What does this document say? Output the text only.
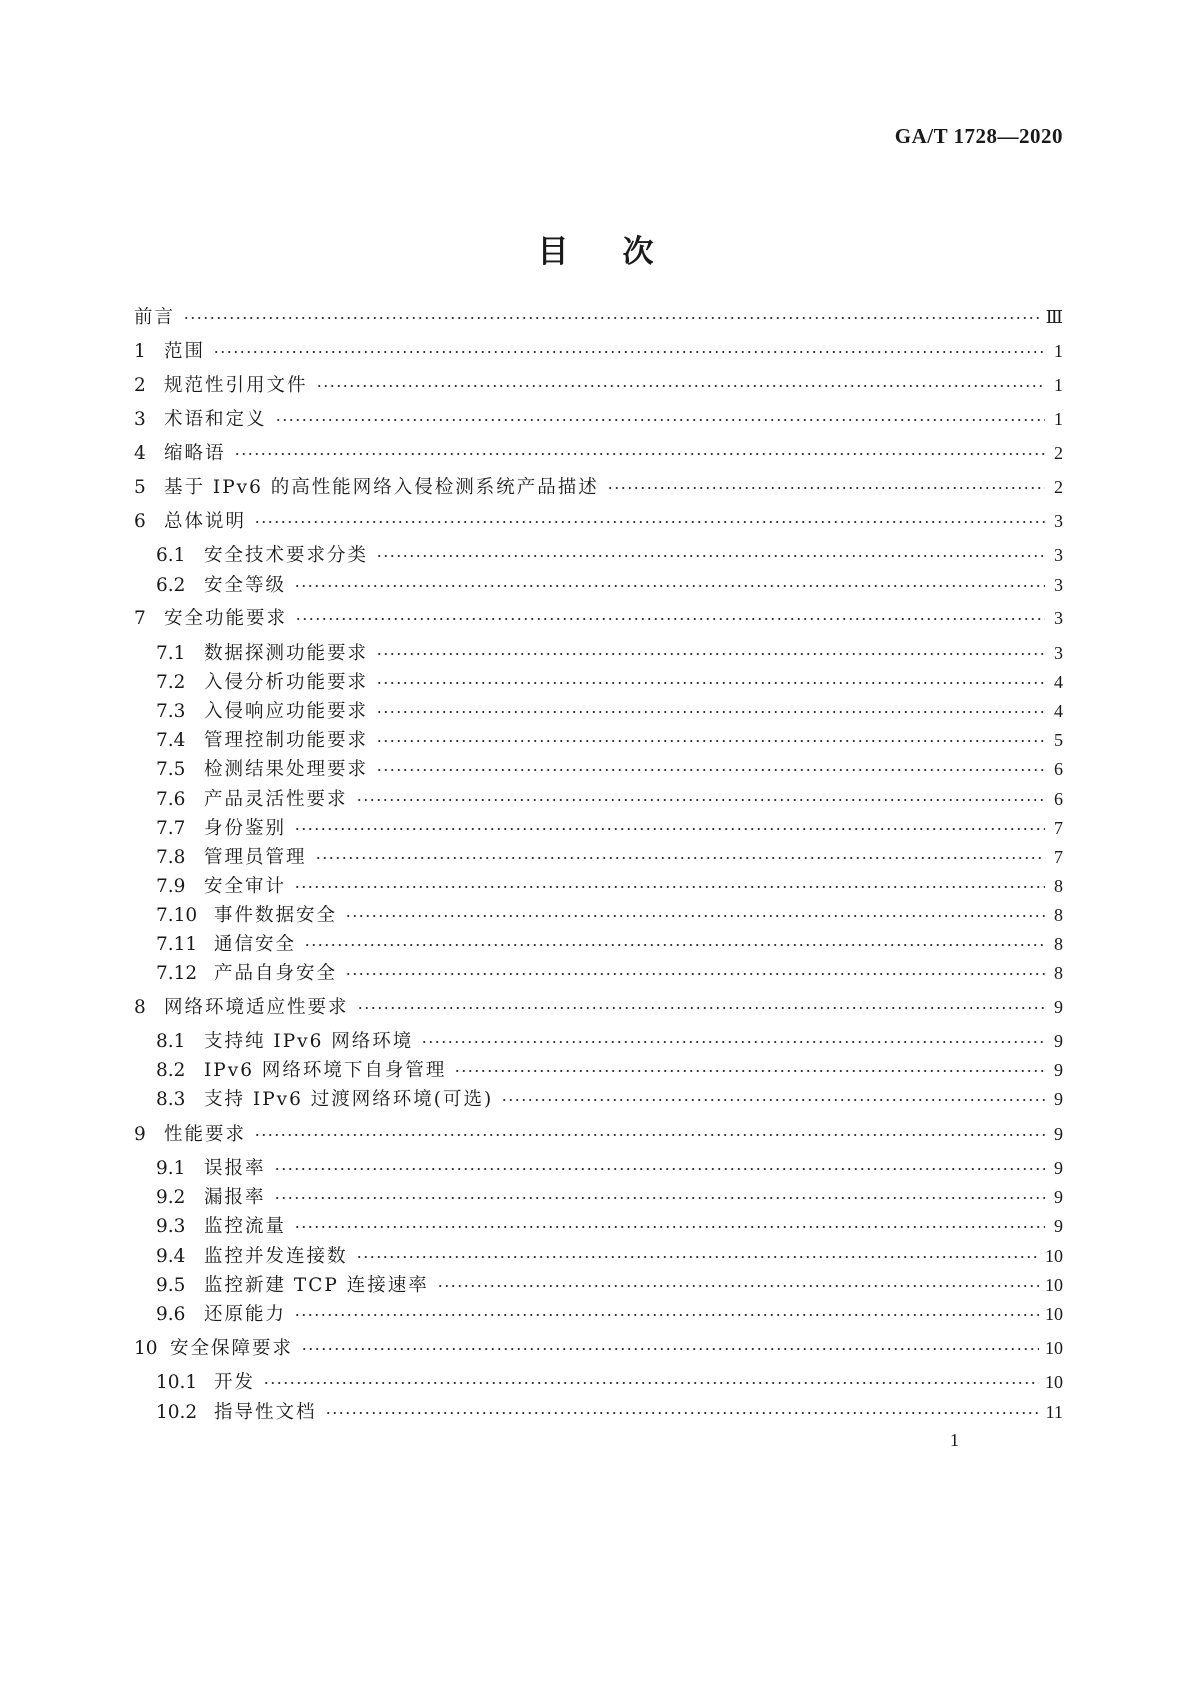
GA/T 1728—2020
目次
前言	Ⅲ
1 范围	1
2 规范性引用文件	1
3 术语和定义	1
4 缩略语	2
5 基于 IPv6 的高性能网络入侵检测系统产品描述	2
6 总体说明	3
6.1	安全技术要求分类	3
6.2	安全等级	3
7 安全功能要求	3
7.1	数据探测功能要求	3
7.2	入侵分析功能要求	4
7.3	入侵响应功能要求	4
7.4	管理控制功能要求	5
7.5	检测结果处理要求	6
7.6	产品灵活性要求	6
7.7	身份鉴别	7
7.8	管理员管理	7
7.9	安全审计	8
7.10 事件数据安全	8
7.11 通信安全	8
7.12 产品自身安全	8
8 网络环境适应性要求	9
8.1	支持纯 IPv6 网络环境	9
8.2	IPv6 网络环境下自身管理	9
8.3	支持 IPv6 过渡网络环境(可选)	9
9 性能要求	9
9.1	误报率	9
9.2	漏报率	9
9.3	监控流量	9
9.4	监控并发连接数	10
9.5	监控新建 TCP 连接速率	10
9.6	还原能力	10
10 安全保障要求	10
10.1 开发	10
10.2 指导性文档	11
1
